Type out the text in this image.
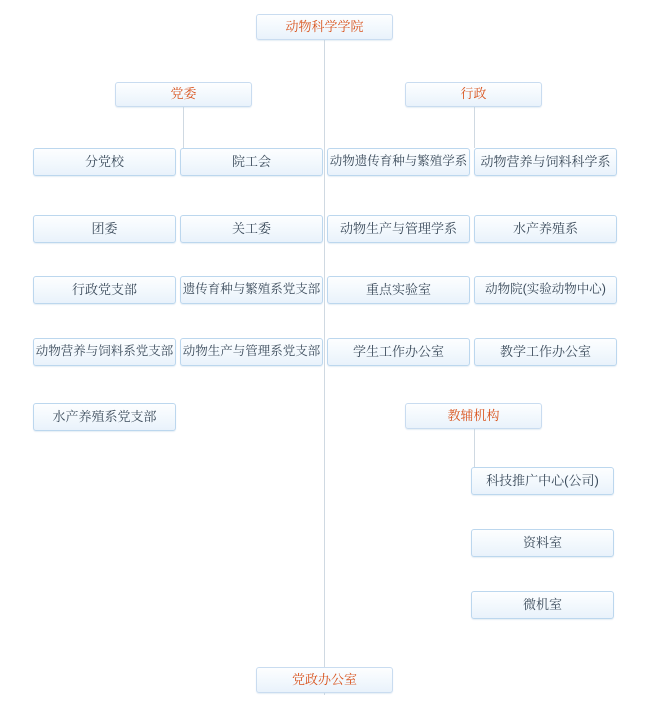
动物科学学院
党委	行政
分党校	院工会	动物遗传育种与繁殖学系	动物营养与饲料科学系
团委	关工委	动物生产与管理学系	水产养殖系
行政党支部	遗传育种与繁殖系党支部	重点实验室	动物院(实验动物中心)
动物营养与饲料系党支部 动物生产与管理系党支部	学生工作办公室	教学工作办公室
水产养殖系党支部	教辅机构
科技推广中心(公司)
资料室
微机室
党政办公室
